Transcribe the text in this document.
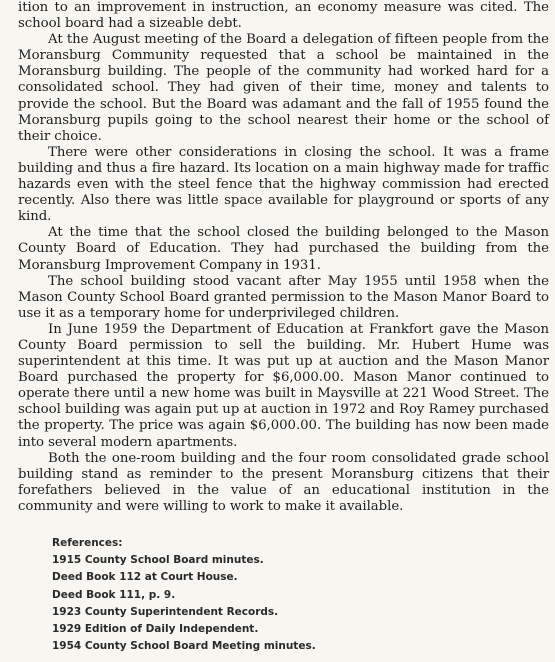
ition to an improvement in instruction, an economy measure was cited. The school board had a sizeable debt.

At the August meeting of the Board a delegation of fifteen people from the Moransburg Community requested that a school be maintained in the Moransburg building. The people of the community had worked hard for a consolidated school. They had given of their time, money and talents to provide the school. But the Board was adamant and the fall of 1955 found the Moransburg pupils going to the school nearest their home or the school of their choice.

There were other considerations in closing the school. It was a frame building and thus a fire hazard. Its location on a main highway made for traffic hazards even with the steel fence that the highway commission had erected recently. Also there was little space available for playground or sports of any kind.

At the time that the school closed the building belonged to the Mason County Board of Education. They had purchased the building from the Moransburg Improvement Company in 1931.

The school building stood vacant after May 1955 until 1958 when the Mason County School Board granted permission to the Mason Manor Board to use it as a temporary home for underprivileged children.

In June 1959 the Department of Education at Frankfort gave the Mason County Board permission to sell the building. Mr. Hubert Hume was superintendent at this time. It was put up at auction and the Mason Manor Board purchased the property for $6,000.00. Mason Manor continued to operate there until a new home was built in Maysville at 221 Wood Street. The school building was again put up at auction in 1972 and Roy Ramey purchased the property. The price was again $6,000.00. The building has now been made into several modern apartments.

Both the one-room building and the four room consolidated grade school building stand as reminder to the present Moransburg citizens that their forefathers believed in the value of an educational institution in the community and were willing to work to make it available.

References:
1915 County School Board minutes.
Deed Book 112 at Court House.
Deed Book 111, p. 9.
1923 County Superintendent Records.
1929 Edition of Daily Independent.
1954 County School Board Meeting minutes.
